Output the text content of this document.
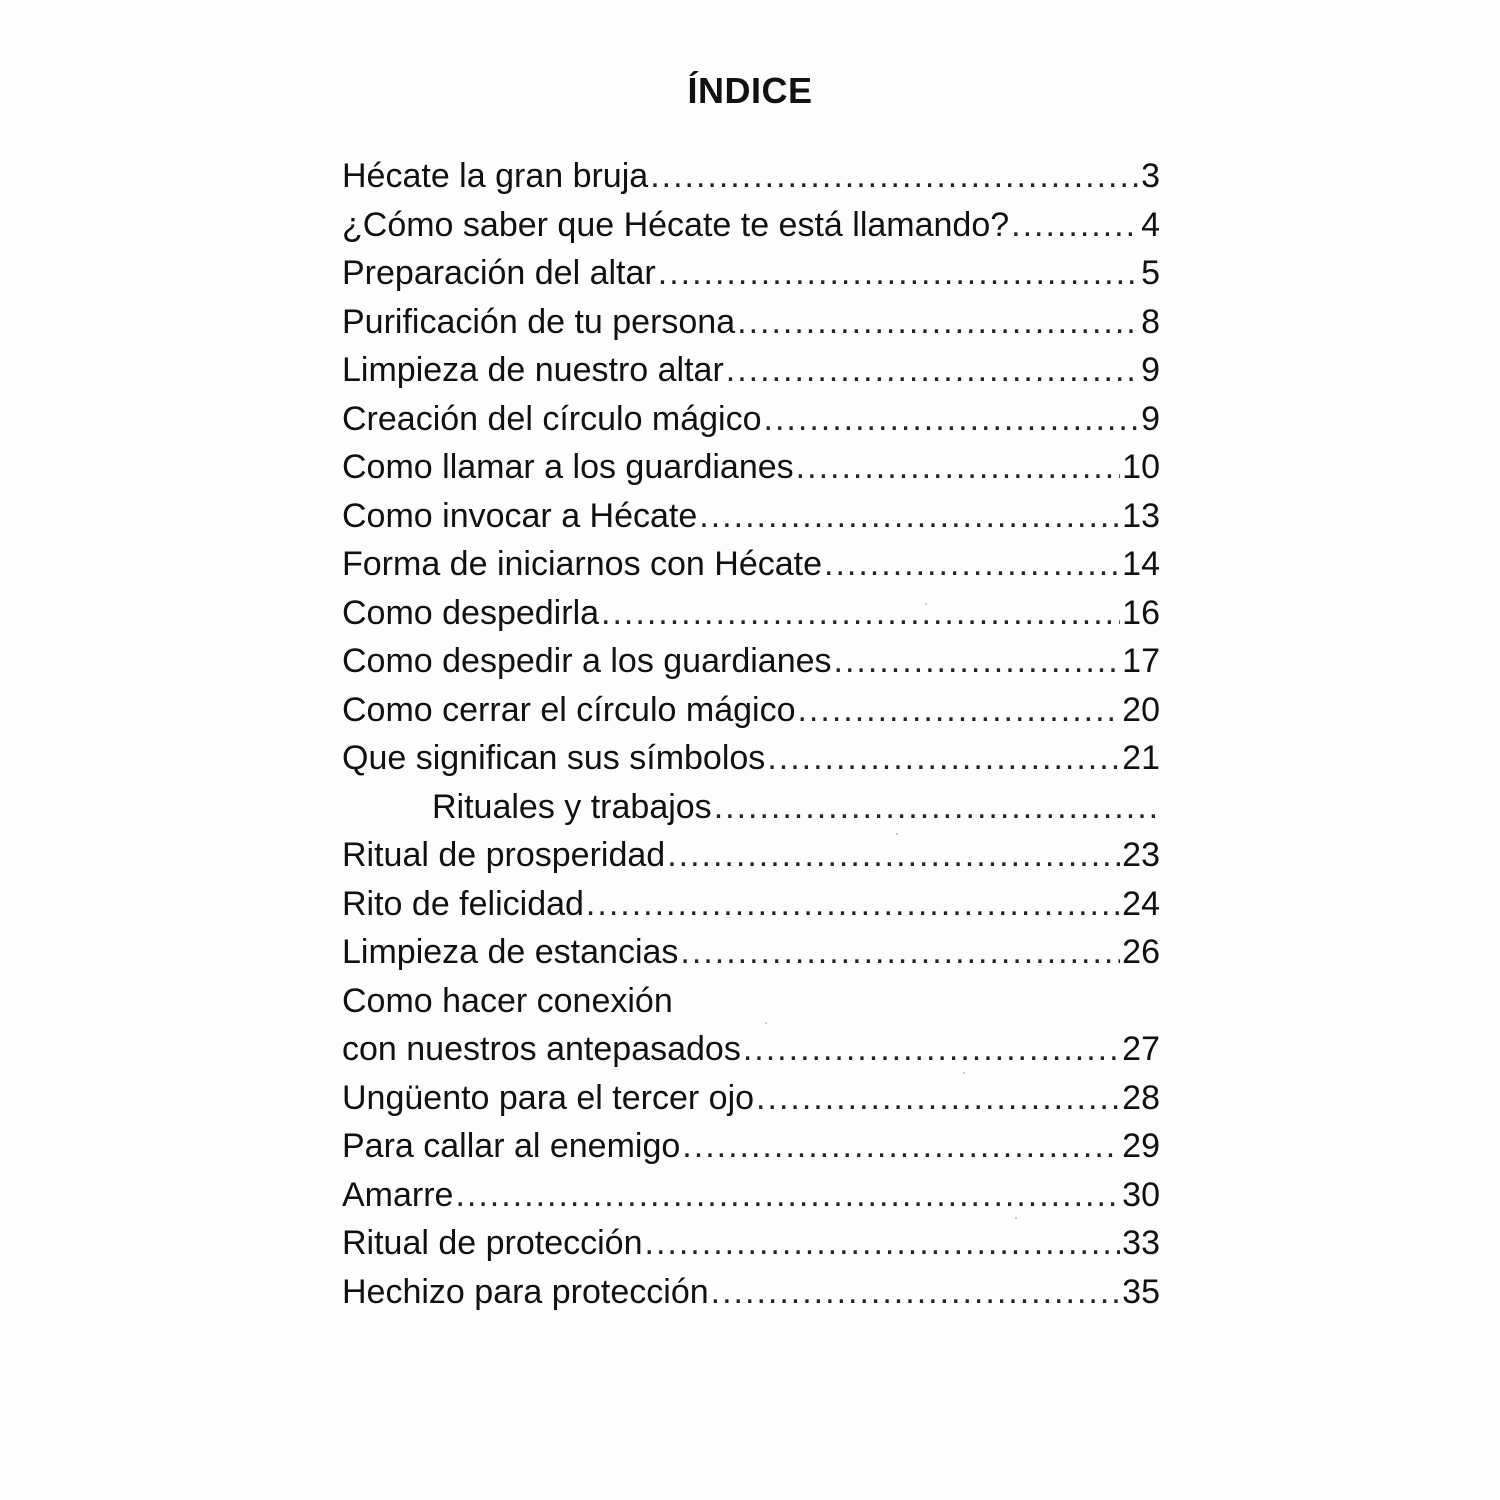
ÍNDICE
Hécate la gran bruja .....	3
¿Cómo saber que Hécate te está llamando? .....	4
Preparación del altar .....	5
Purificación de tu persona .....	8
Limpieza de nuestro altar .....	9
Creación del círculo mágico .....	9
Como llamar a los guardianes .....	10
Como invocar a Hécate .....	13
Forma de iniciarnos con Hécate .....	14
Como despedirla .....	16
Como despedir a los guardianes .....	17
Como cerrar el círculo mágico .....	20
Que significan sus símbolos .....	21
Rituales y trabajos
.....
Ritual de prosperidad .....	23
Rito de felicidad .....	24
Limpieza de estancias .....	26
Como hacer conexión
con nuestros antepasados .....	27
Ungüento para el tercer ojo .....	28
Para callar al enemigo .....	29
Amarre .....	30
Ritual de protección .....	33
Hechizo para protección .....	35
